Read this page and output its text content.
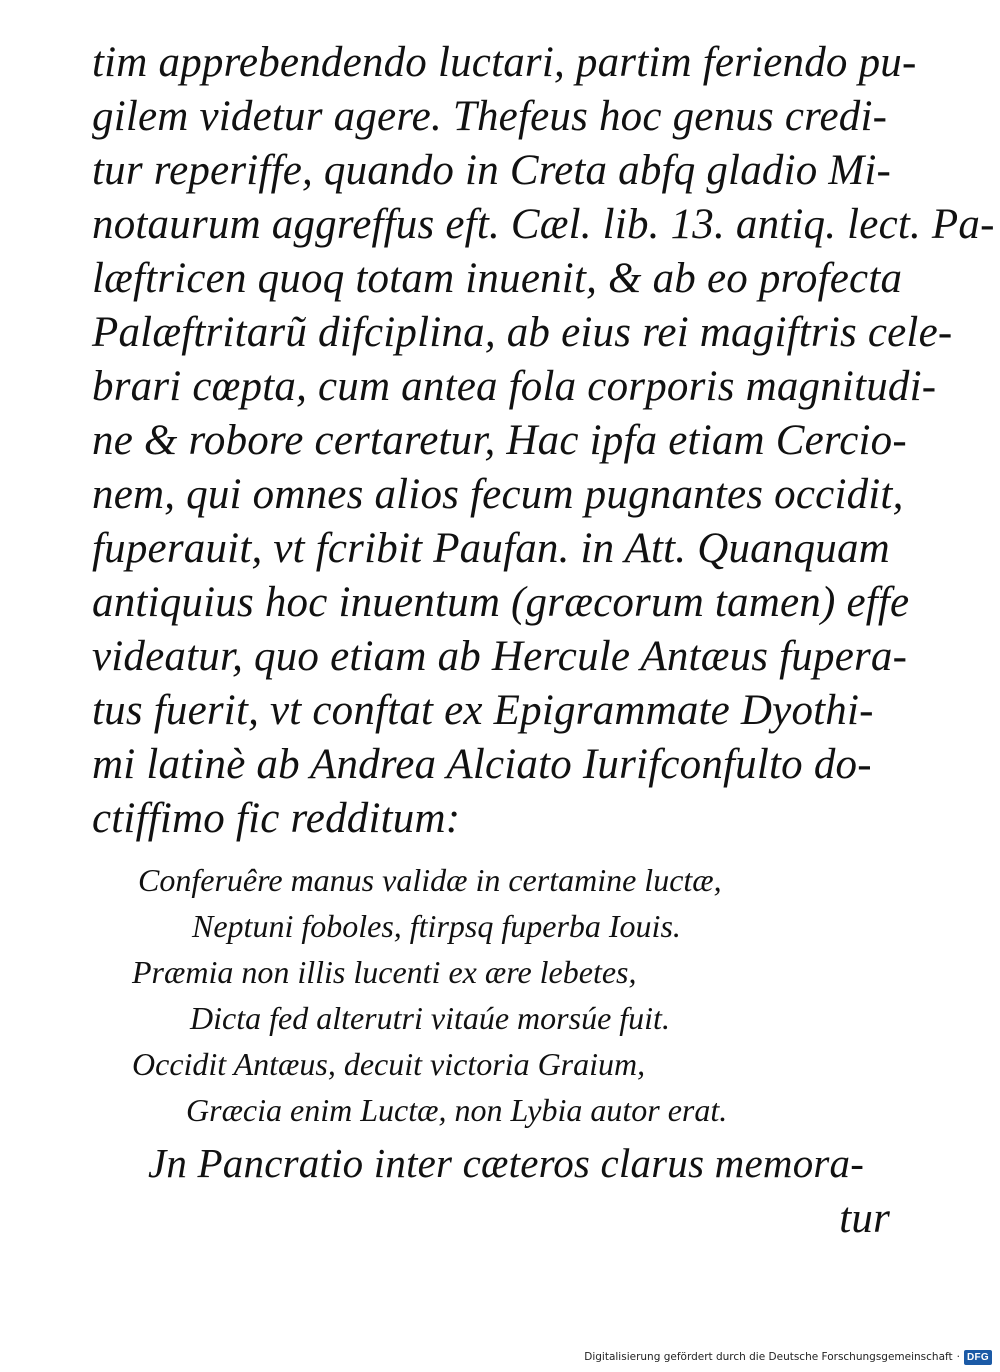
tim apprebendendo luctari, partim feriendo pu-
gilem videtur agere. Thefeus hoc genus credi-
tur reperiffe, quando in Creta abfq gladio Mi-
notaurum aggreffus eft. Cæl. lib. 13. antiq. lect. Pa-
læftricen quoq totam inuenit, & ab eo profecta
Palæftritarũ difciplina, ab eius rei magiftris cele-
brari cœpta, cum antea fola corporis magnitudi-
ne & robore certaretur, Hac ipfa etiam Cercio-
nem, qui omnes alios fecum pugnantes occidit,
fuperauit, vt fcribit Paufan. in Att. Quanquam
antiquius hoc inuentum (græcorum tamen) effe
videatur, quo etiam ab Hercule Antæus fupera-
tus fuerit, vt conftat ex Epigrammate Dyothi-
mi latinè ab Andrea Alciato Iurifconfulto do-
ctiffimo fic redditum:
Conferuêre manus validæ in certamine luctæ,
Neptuni foboles, ftirpsq fuperba Iouis.
Præmia non illis lucenti ex ære lebetes,
Dicta fed alterutri vitaúe morsúe fuit.
Occidit Antæus, decuit victoria Graium,
Græcia enim Luctæ, non Lybia autor erat.
Jn Pancratio inter cæteros clarus memora-
tur
Digitalisierung gefördert durch die Deutsche Forschungsgemeinschaft · DFG
